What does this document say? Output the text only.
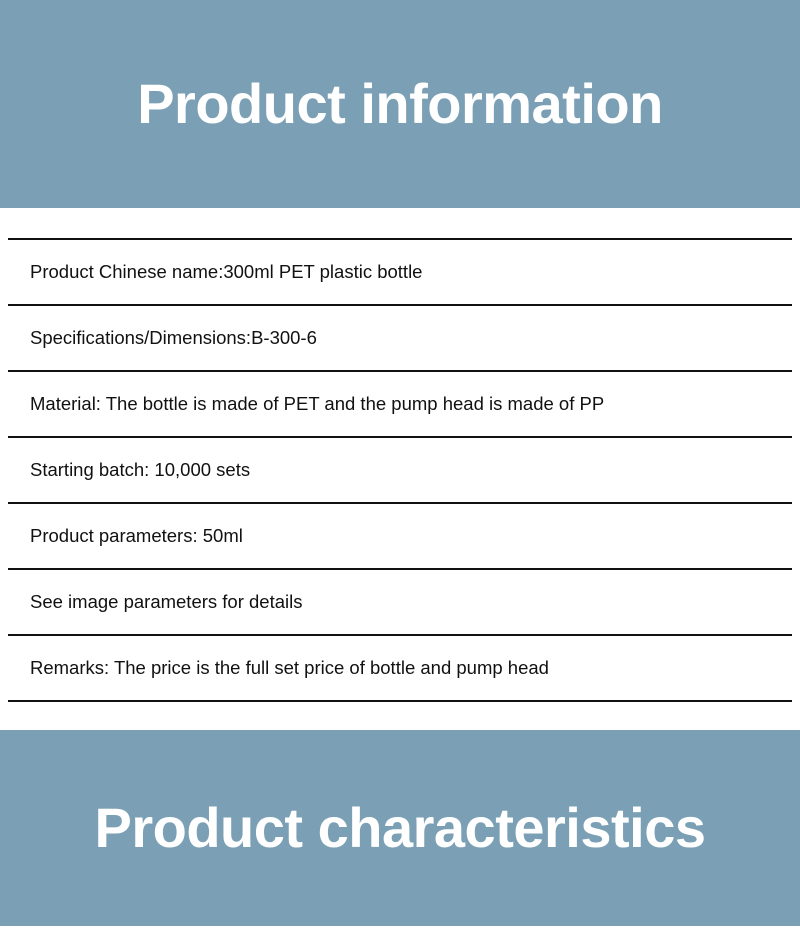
Product information
Product Chinese name:300ml PET plastic bottle
Specifications/Dimensions:B-300-6
Material: The bottle is made of PET and the pump head is made of PP
Starting batch: 10,000 sets
Product parameters: 50ml
See image parameters for details
Remarks: The price is the full set price of bottle and pump head
Product characteristics
